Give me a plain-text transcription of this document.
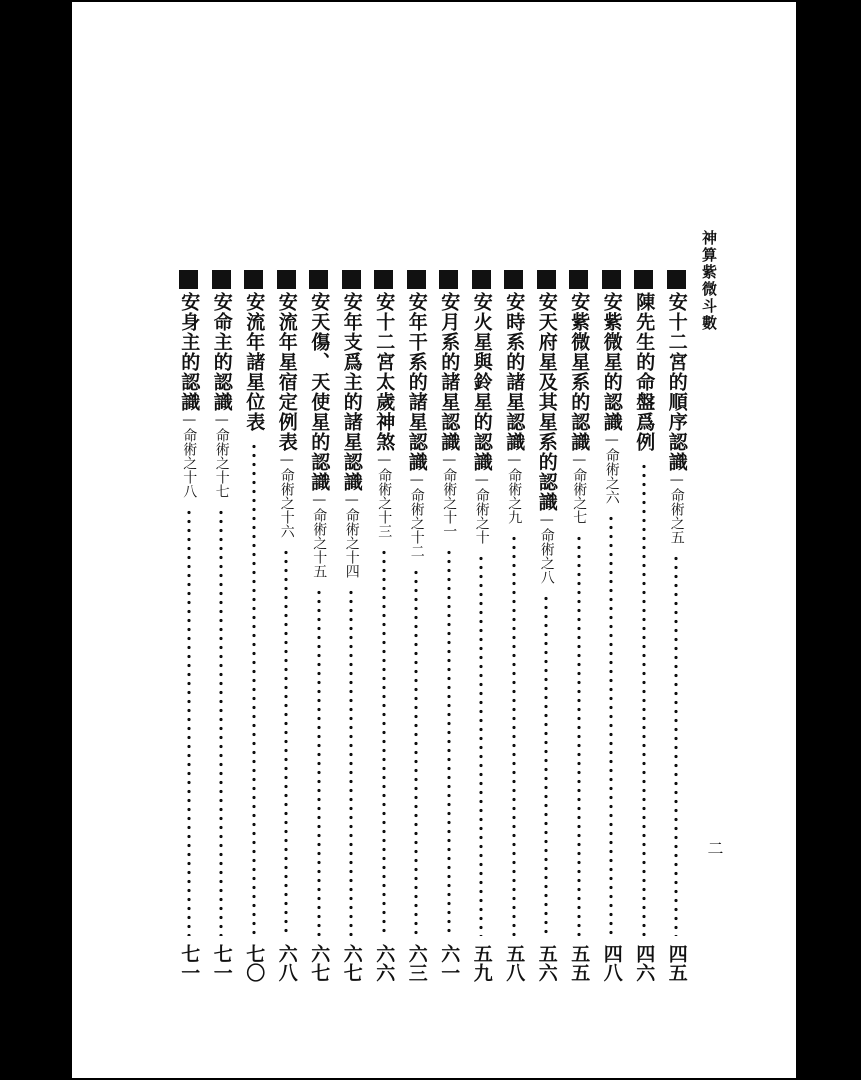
神算紫微斗數
二
安十二宮的順序認識—命術之五
四五
陳先生的命盤爲例
四六
安紫微星的認識—命術之六
四八
安紫微星系的認識—命術之七
五五
安天府星及其星系的認識—命術之八
五六
安時系的諸星認識—命術之九
五八
安火星與鈴星的認識—命術之十
五九
安月系的諸星認識—命術之十一
六一
安年干系的諸星認識—命術之十二
六三
安十二宮太歲神煞—命術之十三
六六
安年支爲主的諸星認識—命術之十四
六七
安天傷、天使星的認識—命術之十五
六七
安流年星宿定例表—命術之十六
六八
安流年諸星位表
七〇
安命主的認識—命術之十七
七一
安身主的認識—命術之十八
七一
